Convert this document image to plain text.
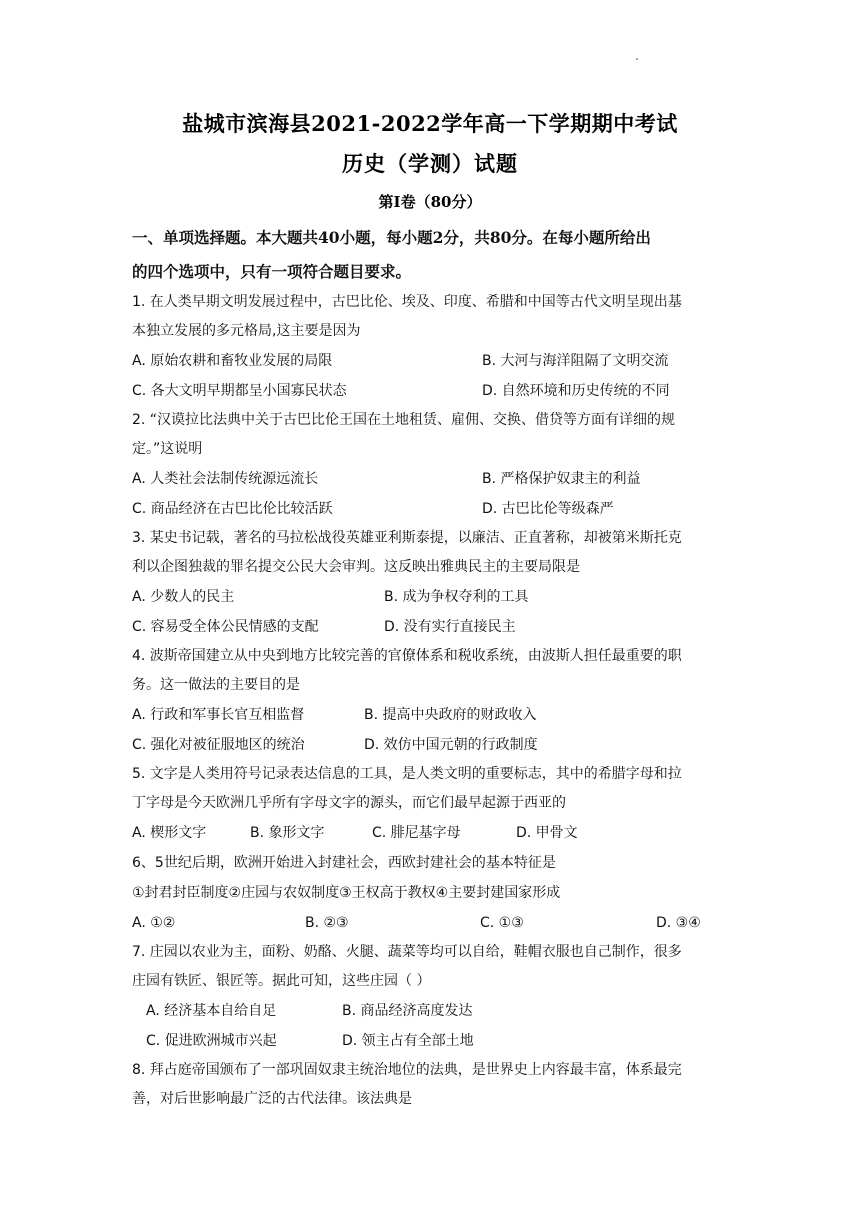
盐城市滨海县2021-2022学年高一下学期期中考试
历史（学测）试题
第Ⅰ卷（80分）
一、单项选择题。本大题共40小题，每小题2分，共80分。在每小题所给出
的四个选项中，只有一项符合题目要求。
1. 在人类早期文明发展过程中，古巴比伦、埃及、印度、希腊和中国等古代文明呈现出基
本独立发展的多元格局,这主要是因为
A. 原始农耕和畜牧业发展的局限	B. 大河与海洋阻隔了文明交流
C. 各大文明早期都呈小国寡民状态	D. 自然环境和历史传统的不同
2. “汉谟拉比法典中关于古巴比伦王国在土地租赁、雇佣、交换、借贷等方面有详细的规
定。”这说明
A. 人类社会法制传统源远流长	B. 严格保护奴隶主的利益
C. 商品经济在古巴比伦比较活跃	D. 古巴比伦等级森严
3. 某史书记载，著名的马拉松战役英雄亚利斯泰提，以廉洁、正直著称，却被第米斯托克
利以企图独裁的罪名提交公民大会审判。这反映出雅典民主的主要局限是
A. 少数人的民主	B. 成为争权夺利的工具
C. 容易受全体公民情感的支配	D. 没有实行直接民主
4. 波斯帝国建立从中央到地方比较完善的官僚体系和税收系统，由波斯人担任最重要的职
务。这一做法的主要目的是
A. 行政和军事长官互相监督	B. 提高中央政府的财政收入
C. 强化对被征服地区的统治	D. 效仿中国元朝的行政制度
5. 文字是人类用符号记录表达信息的工具，是人类文明的重要标志，其中的希腊字母和拉
丁字母是今天欧洲几乎所有字母文字的源头，而它们最早起源于西亚的
A. 楔形文字	B. 象形文字	C. 腓尼基字母	D. 甲骨文
6、5世纪后期，欧洲开始进入封建社会，西欧封建社会的基本特征是
①封君封臣制度②庄园与农奴制度③王权高于教权④主要封建国家形成
A. ①②	B. ②③	C. ①③	D. ③④
7. 庄园以农业为主，面粉、奶酪、火腿、蔬菜等均可以自给，鞋帽衣服也自己制作，很多
庄园有铁匠、银匠等。据此可知，这些庄园（ ）
A. 经济基本自给自足	B. 商品经济高度发达
C. 促进欧洲城市兴起	D. 领主占有全部土地
8. 拜占庭帝国颁布了一部巩固奴隶主统治地位的法典，是世界史上内容最丰富，体系最完
善，对后世影响最广泛的古代法律。该法典是
